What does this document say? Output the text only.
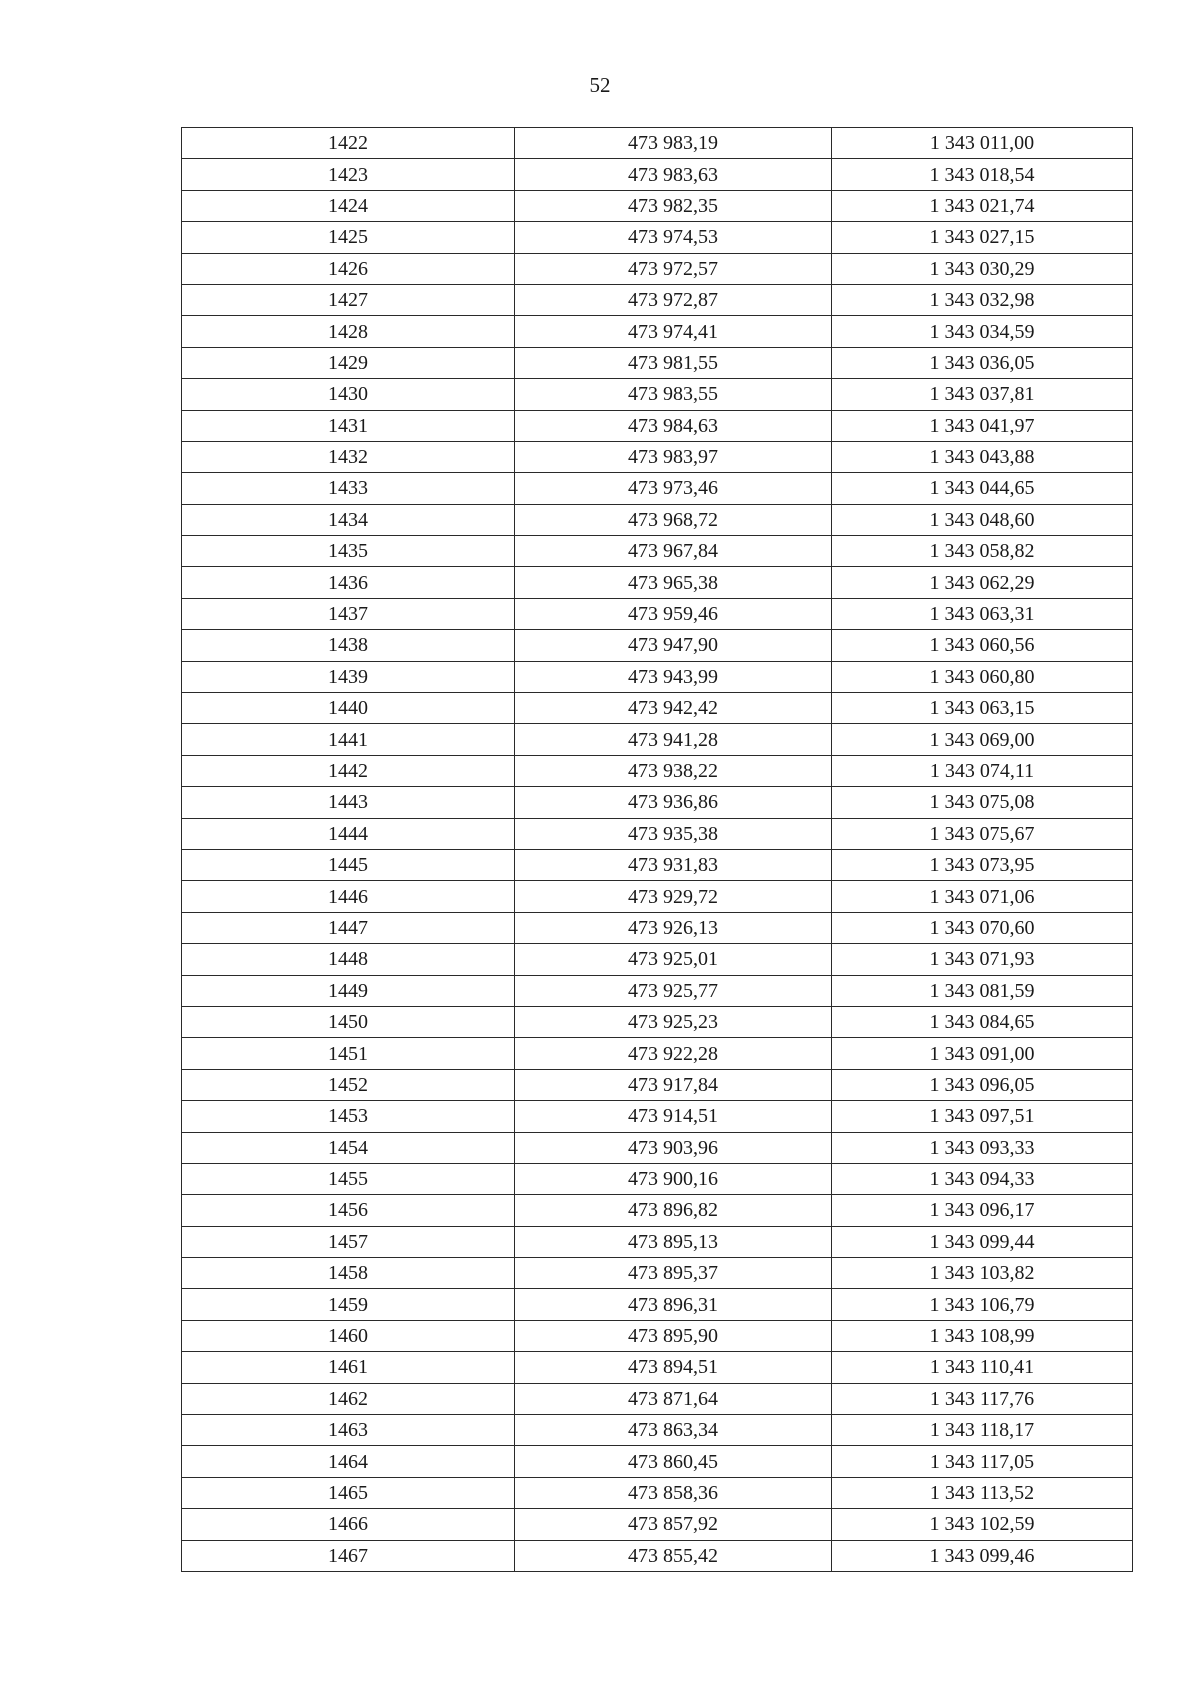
52
1422	473 983,19	1 343 011,00
1423	473 983,63	1 343 018,54
1424	473 982,35	1 343 021,74
1425	473 974,53	1 343 027,15
1426	473 972,57	1 343 030,29
1427	473 972,87	1 343 032,98
1428	473 974,41	1 343 034,59
1429	473 981,55	1 343 036,05
1430	473 983,55	1 343 037,81
1431	473 984,63	1 343 041,97
1432	473 983,97	1 343 043,88
1433	473 973,46	1 343 044,65
1434	473 968,72	1 343 048,60
1435	473 967,84	1 343 058,82
1436	473 965,38	1 343 062,29
1437	473 959,46	1 343 063,31
1438	473 947,90	1 343 060,56
1439	473 943,99	1 343 060,80
1440	473 942,42	1 343 063,15
1441	473 941,28	1 343 069,00
1442	473 938,22	1 343 074,11
1443	473 936,86	1 343 075,08
1444	473 935,38	1 343 075,67
1445	473 931,83	1 343 073,95
1446	473 929,72	1 343 071,06
1447	473 926,13	1 343 070,60
1448	473 925,01	1 343 071,93
1449	473 925,77	1 343 081,59
1450	473 925,23	1 343 084,65
1451	473 922,28	1 343 091,00
1452	473 917,84	1 343 096,05
1453	473 914,51	1 343 097,51
1454	473 903,96	1 343 093,33
1455	473 900,16	1 343 094,33
1456	473 896,82	1 343 096,17
1457	473 895,13	1 343 099,44
1458	473 895,37	1 343 103,82
1459	473 896,31	1 343 106,79
1460	473 895,90	1 343 108,99
1461	473 894,51	1 343 110,41
1462	473 871,64	1 343 117,76
1463	473 863,34	1 343 118,17
1464	473 860,45	1 343 117,05
1465	473 858,36	1 343 113,52
1466	473 857,92	1 343 102,59
1467	473 855,42	1 343 099,46
